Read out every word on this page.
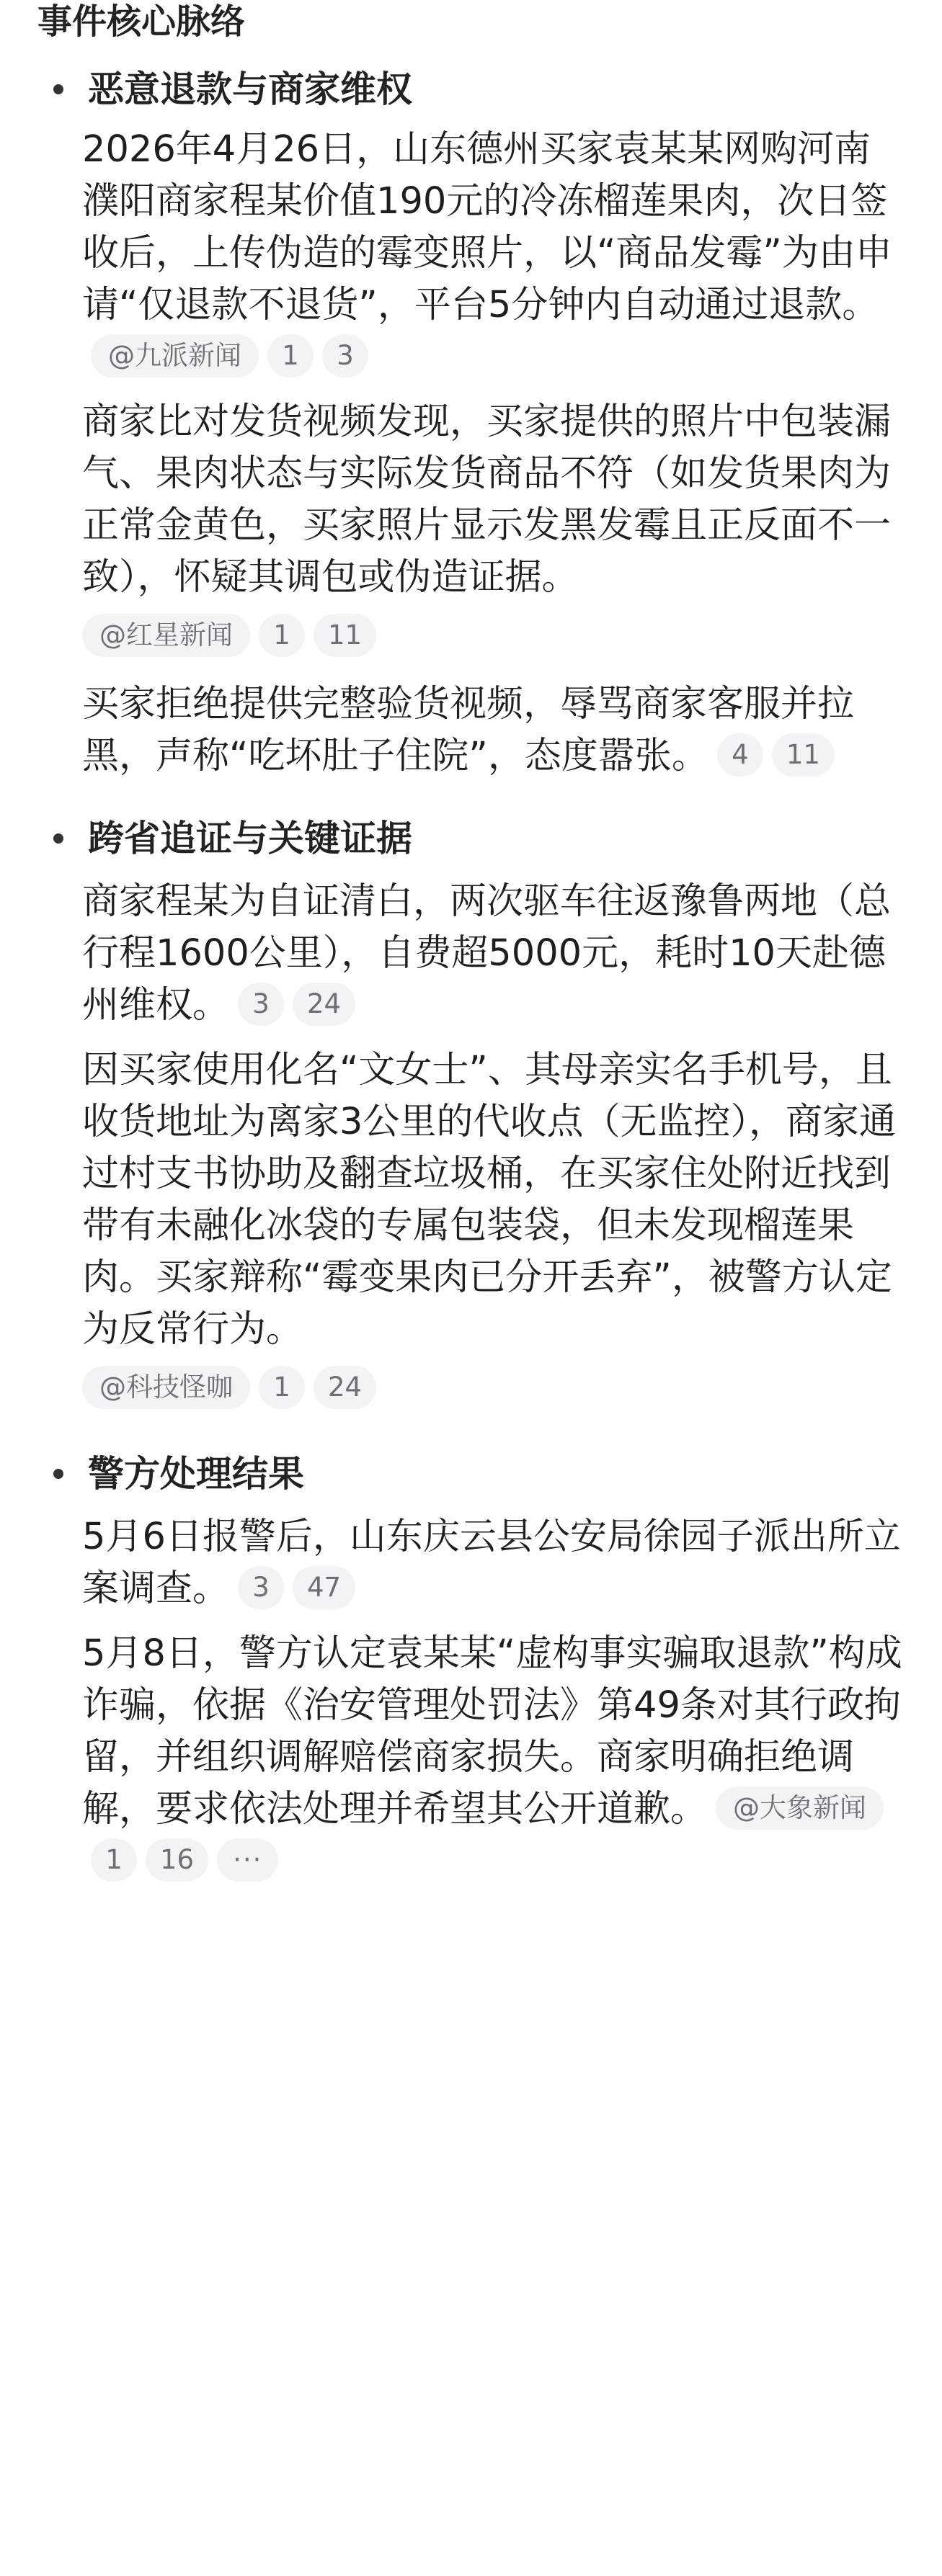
事件核心脉络
恶意退款与商家维权

2026年4月26日，山东德州买家袁某某网购河南濮阳商家程某价值190元的冷冻榴莲果肉，次日签收后，上传伪造的霉变照片，以“商品发霉”为由申请“仅退款不退货”，平台5分钟内自动通过退款。@九派新闻 1 3

商家比对发货视频发现，买家提供的照片中包装漏气、果肉状态与实际发货商品不符（如发货果肉为正常金黄色，买家照片显示发黑发霉且正反面不一致），怀疑其调包或伪造证据。
@红星新闻 1 11

买家拒绝提供完整验货视频，辱骂商家客服并拉黑，声称“吃坏肚子住院”，态度嚣张。 4 11

跨省追证与关键证据

商家程某为自证清白，两次驱车往返豫鲁两地（总行程1600公里），自费超5000元，耗时10天赴德州维权。 3 24

因买家使用化名“文女士”、其母亲实名手机号，且收货地址为离家3公里的代收点（无监控），商家通过村支书协助及翻查垃圾桶，在买家住处附近找到带有未融化冰袋的专属包装袋，但未发现榴莲果肉。买家辩称“霉变果肉已分开丢弃”，被警方认定为反常行为。
@科技怪咖 1 24

警方处理结果

5月6日报警后，山东庆云县公安局徐园子派出所立案调查。 3 47

5月8日，警方认定袁某某“虚构事实骗取退款”构成诈骗，依据《治安管理处罚法》第49条对其行政拘留，并组织调解赔偿商家损失。商家明确拒绝调解，要求依法处理并希望其公开道歉。 @大象新闻1 16 ···
